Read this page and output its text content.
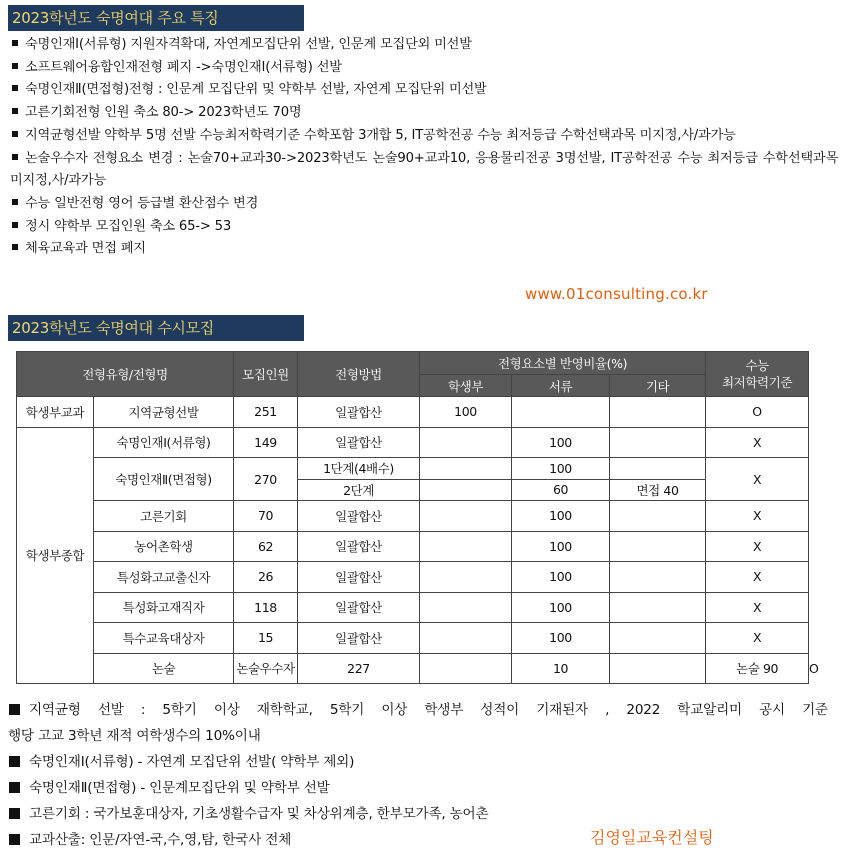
2023학년도 숙명여대 주요 특징

숙명인재Ⅰ(서류형) 지원자격확대, 자연계모집단위 선발, 인문계 모집단외 미선발

소프트웨어융합인재전형 폐지 ->숙명인재Ⅰ(서류형) 선발

숙명인재Ⅱ(면접형)전형 : 인문계 모집단위 및 약학부 선발, 자연계 모집단위 미선발

고른기회전형 인원 축소 80-> 2023학년도 70명

지역균형선발 약학부 5명 선발 수능최저학력기준 수학포함 3개합 5, IT공학전공 수능 최저등급 수학선택과목 미지정,사/과가능

논술우수자 전형요소 변경 : 논술70+교과30->2023학년도 논술90+교과10, 응용물리전공 3명선발, IT공학전공 수능 최저등급 수학선택과목 미지정,사/과가능

수능 일반전형 영어 등급별 환산점수 변경

정시 약학부 모집인원 축소 65-> 53

체육교육과 면접 폐지

www.01consulting.co.kr
2023학년도 숙명여대 수시모집
전형유형/전형명		모집인원	전형방법	전형요소별 반영비율(%)			수능
최저학력기준	
				학생부	서류	기타		
학생부교과	지역균형선발	251	일괄합산	100			O	
학생부종합	숙명인재Ⅰ(서류형)	149	일괄합산		100		X	
	숙명인재Ⅱ(면접형)	270	1단계(4배수)		100		X	
			2단계		60	면접 40		
	고른기회	70	일괄합산		100		X	
	농어촌학생	62	일괄합산		100		X	
	특성화고교출신자	26	일괄합산		100		X	
	특성화고재직자	118	일괄합산		100		X	
	특수교육대상자	15	일괄합산		100		X	
	논술	논술우수자	227		10		논술 90	O

지역균형 선발 : 5학기 이상 재학학교, 5학기 이상 학생부 성적이 기재된자 , 2022 학교알리미 공시 기준

행당 고교 3학년 재적 여학생수의 10%이내

숙명인재Ⅰ(서류형) - 자연계 모집단위 선발( 약학부 제외)

숙명인재Ⅱ(면접형) - 인문계모집단위 및 약학부 선발

고른기회 : 국가보훈대상자, 기초생활수급자 및 차상위계층, 한부모가족, 농어촌

교과산출: 인문/자연-국,수,영,탐, 한국사 전체	김영일교육컨설팅
